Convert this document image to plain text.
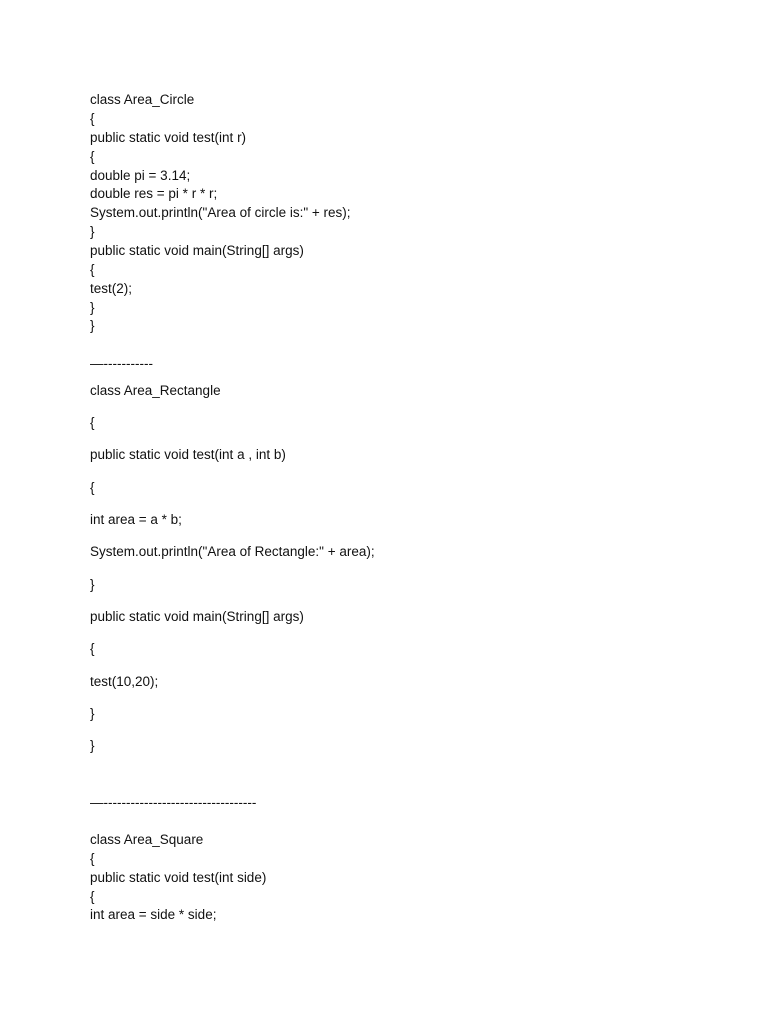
class Area_Circle

{

public static void test(int r)

{

double pi = 3.14;

double res = pi * r * r;

System.out.println("Area of circle is:" + res);

}

public static void main(String[] args)

{

test(2);

}

}

—-----------

class Area_Rectangle

{

public static void test(int a , int b)

{

int area = a * b;

System.out.println("Area of Rectangle:" + area);

}

public static void main(String[] args)

{

test(10,20);

}

}

—----------------------------------

class Area_Square

{

public static void test(int side)

{

int area = side * side;
